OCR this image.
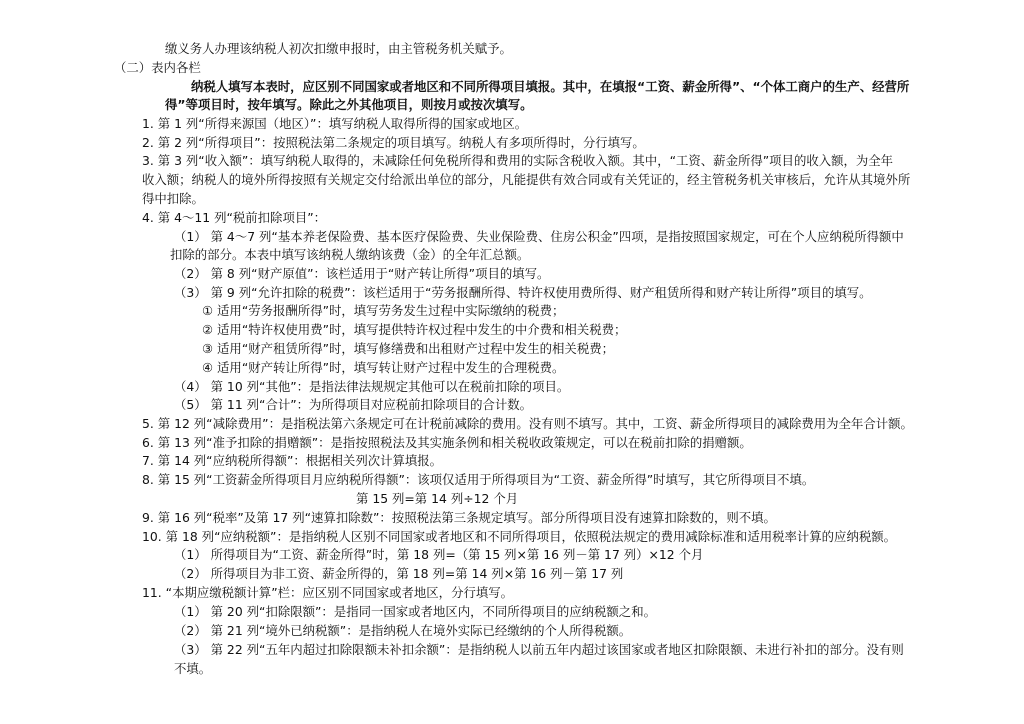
缴义务人办理该纳税人初次扣缴申报时，由主管税务机关赋予。
（二）表内各栏
纳税人填写本表时，应区别不同国家或者地区和不同所得项目填报。其中，在填报“工资、薪金所得”、“个体工商户的生产、经营所
得”等项目时，按年填写。除此之外其他项目，则按月或按次填写。
1. 第 1 列“所得来源国（地区）”：填写纳税人取得所得的国家或地区。
2. 第 2 列“所得项目”：按照税法第二条规定的项目填写。纳税人有多项所得时，分行填写。
3. 第 3 列“收入额”：填写纳税人取得的，未减除任何免税所得和费用的实际含税收入额。其中，“工资、薪金所得”项目的收入额，为全年
收入额；纳税人的境外所得按照有关规定交付给派出单位的部分，凡能提供有效合同或有关凭证的，经主管税务机关审核后，允许从其境外所
得中扣除。
4. 第 4～11 列“税前扣除项目”：
（1） 第 4～7 列“基本养老保险费、基本医疗保险费、失业保险费、住房公积金”四项，是指按照国家规定，可在个人应纳税所得额中
扣除的部分。本表中填写该纳税人缴纳该费（金）的全年汇总额。
（2） 第 8 列“财产原值”：该栏适用于“财产转让所得”项目的填写。
（3） 第 9 列“允许扣除的税费”：该栏适用于“劳务报酬所得、特许权使用费所得、财产租赁所得和财产转让所得”项目的填写。
① 适用“劳务报酬所得”时，填写劳务发生过程中实际缴纳的税费；
② 适用“特许权使用费”时，填写提供特许权过程中发生的中介费和相关税费；
③ 适用“财产租赁所得”时，填写修缮费和出租财产过程中发生的相关税费；
④ 适用“财产转让所得”时，填写转让财产过程中发生的合理税费。
（4） 第 10 列“其他”：是指法律法规规定其他可以在税前扣除的项目。
（5） 第 11 列“合计”：为所得项目对应税前扣除项目的合计数。
5. 第 12 列“减除费用”：是指税法第六条规定可在计税前减除的费用。没有则不填写。其中，工资、薪金所得项目的减除费用为全年合计额。
6. 第 13 列“准予扣除的捐赠额”：是指按照税法及其实施条例和相关税收政策规定，可以在税前扣除的捐赠额。
7. 第 14 列“应纳税所得额”：根据相关列次计算填报。
8. 第 15 列“工资薪金所得项目月应纳税所得额”：该项仅适用于所得项目为“工资、薪金所得”时填写，其它所得项目不填。
第 15 列=第 14 列÷12 个月
9. 第 16 列“税率”及第 17 列“速算扣除数”：按照税法第三条规定填写。部分所得项目没有速算扣除数的，则不填。
10. 第 18 列“应纳税额”：是指纳税人区别不同国家或者地区和不同所得项目，依照税法规定的费用减除标准和适用税率计算的应纳税额。
（1） 所得项目为“工资、薪金所得”时，第 18 列=（第 15 列×第 16 列－第 17 列）×12 个月
（2） 所得项目为非工资、薪金所得的，第 18 列=第 14 列×第 16 列－第 17 列
11. “本期应缴税额计算”栏：应区别不同国家或者地区，分行填写。
（1） 第 20 列“扣除限额”：是指同一国家或者地区内，不同所得项目的应纳税额之和。
（2） 第 21 列“境外已纳税额”：是指纳税人在境外实际已经缴纳的个人所得税额。
（3） 第 22 列“五年内超过扣除限额未补扣余额”：是指纳税人以前五年内超过该国家或者地区扣除限额、未进行补扣的部分。没有则
不填。
